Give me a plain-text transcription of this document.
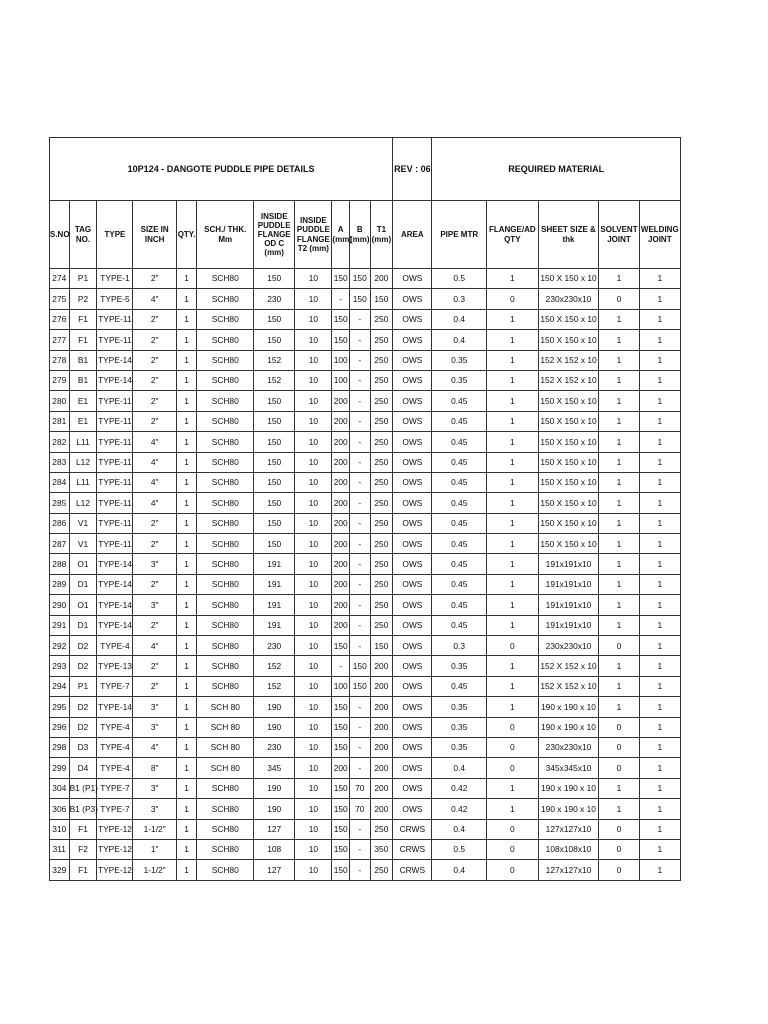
10P124 - DANGOTE PUDDLE PIPE DETAILS											REV : 06	REQUIRED MATERIAL				
S.NO	TAG NO.	TYPE	SIZE IN INCH	QTY.	SCH./ THK. Mm	INSIDE PUDDLE FLANGE OD C (mm)	INSIDE PUDDLE FLANGE T2 (mm)	A (mm)	B (mm)	T1 (mm)	AREA	PIPE MTR	FLANGE/AD QTY	SHEET SIZE & thk	SOLVENT JOINT	WELDING JOINT
274	P1	TYPE-1	2"	1	SCH80	150	10	150	150	200	OWS	0.5	1	150 X 150 x 10	1	1
275	P2	TYPE-5	4"	1	SCH80	230	10	-	150	150	OWS	0.3	0	230x230x10	0	1
276	F1	TYPE-11	2"	1	SCH80	150	10	150	-	250	OWS	0.4	1	150 X 150 x 10	1	1
277	F1	TYPE-11	2"	1	SCH80	150	10	150	-	250	OWS	0.4	1	150 X 150 x 10	1	1
278	B1	TYPE-14	2"	1	SCH80	152	10	100	-	250	OWS	0.35	1	152 X 152 x 10	1	1
279	B1	TYPE-14	2"	1	SCH80	152	10	100	-	250	OWS	0.35	1	152 X 152 x 10	1	1
280	E1	TYPE-11	2"	1	SCH80	150	10	200	-	250	OWS	0.45	1	150 X 150 x 10	1	1
281	E1	TYPE-11	2"	1	SCH80	150	10	200	-	250	OWS	0.45	1	150 X 150 x 10	1	1
282	L11	TYPE-11	4"	1	SCH80	150	10	200	-	250	OWS	0.45	1	150 X 150 x 10	1	1
283	L12	TYPE-11	4"	1	SCH80	150	10	200	-	250	OWS	0.45	1	150 X 150 x 10	1	1
284	L11	TYPE-11	4"	1	SCH80	150	10	200	-	250	OWS	0.45	1	150 X 150 x 10	1	1
285	L12	TYPE-11	4"	1	SCH80	150	10	200	-	250	OWS	0.45	1	150 X 150 x 10	1	1
286	V1	TYPE-11	2"	1	SCH80	150	10	200	-	250	OWS	0.45	1	150 X 150 x 10	1	1
287	V1	TYPE-11	2"	1	SCH80	150	10	200	-	250	OWS	0.45	1	150 X 150 x 10	1	1
288	O1	TYPE-14	3"	1	SCH80	191	10	200	-	250	OWS	0.45	1	191x191x10	1	1
289	D1	TYPE-14	2"	1	SCH80	191	10	200	-	250	OWS	0.45	1	191x191x10	1	1
290	O1	TYPE-14	3"	1	SCH80	191	10	200	-	250	OWS	0.45	1	191x191x10	1	1
291	D1	TYPE-14	2"	1	SCH80	191	10	200	-	250	OWS	0.45	1	191x191x10	1	1
292	D2	TYPE-4	4"	1	SCH80	230	10	150	-	150	OWS	0.3	0	230x230x10	0	1
293	D2	TYPE-13	2"	1	SCH80	152	10	-	150	200	OWS	0.35	1	152 X 152 x 10	1	1
294	P1	TYPE-7	2"	1	SCH80	152	10	100	150	200	OWS	0.45	1	152 X 152 x 10	1	1
295	D2	TYPE-14	3"	1	SCH 80	190	10	150	-	200	OWS	0.35	1	190 x 190 x 10	1	1
296	D2	TYPE-4	3"	1	SCH 80	190	10	150	-	200	OWS	0.35	0	190 x 190 x 10	0	1
298	D3	TYPE-4	4"	1	SCH 80	230	10	150	-	200	OWS	0.35	0	230x230x10	0	1
299	D4	TYPE-4	8"	1	SCH 80	345	10	200	-	200	OWS	0.4	0	345x345x10	0	1
304	B1 (P1)	TYPE-7	3"	1	SCH80	190	10	150	70	200	OWS	0.42	1	190 x 190 x 10	1	1
306	B1 (P3)	TYPE-7	3"	1	SCH80	190	10	150	70	200	OWS	0.42	1	190 x 190 x 10	1	1
310	F1	TYPE-12	1-1/2"	1	SCH80	127	10	150	-	250	CRWS	0.4	0	127x127x10	0	1
311	F2	TYPE-12	1"	1	SCH80	108	10	150	-	350	CRWS	0.5	0	108x108x10	0	1
329	F1	TYPE-12	1-1/2"	1	SCH80	127	10	150	-	250	CRWS	0.4	0	127x127x10	0	1
